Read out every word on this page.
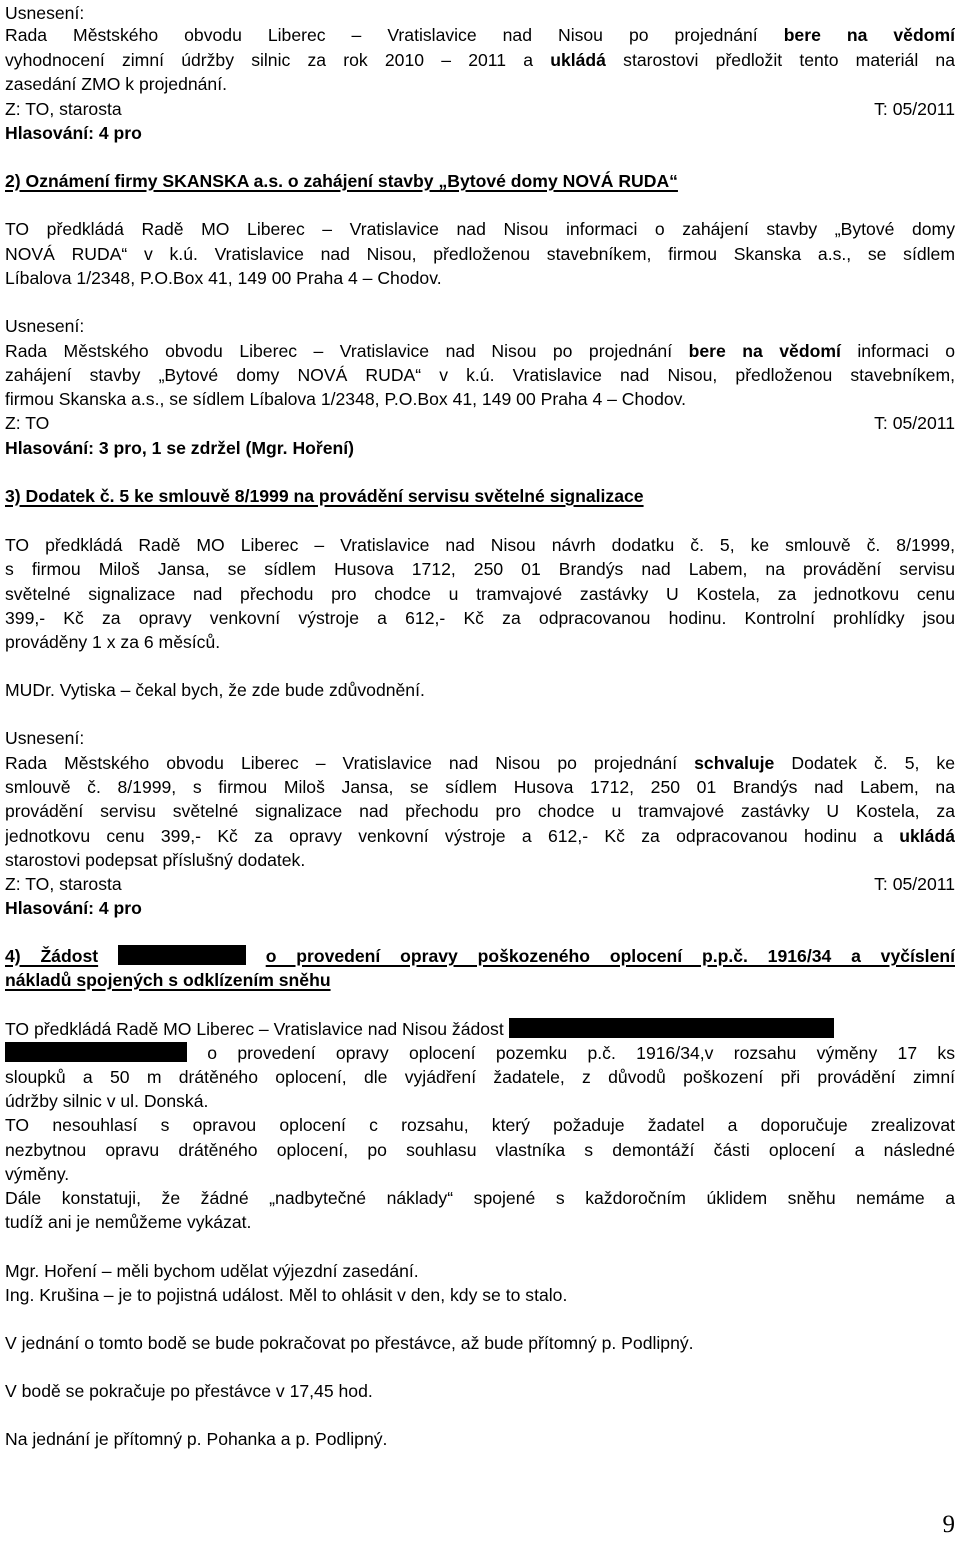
Usnesení:
Rada Městského obvodu Liberec – Vratislavice nad Nisou po projednání bere na vědomí
vyhodnocení zimní údržby silnic za rok 2010 – 2011 a ukládá starostovi předložit tento materiál na
zasedání ZMO k projednání.
Z: TO, starosta	T: 05/2011
Hlasování: 4 pro
2) Oznámení firmy SKANSKA a.s. o zahájení stavby „Bytové domy NOVÁ RUDA“
TO předkládá Radě MO Liberec – Vratislavice nad Nisou informaci o zahájení stavby „Bytové domy
NOVÁ RUDA“ v k.ú. Vratislavice nad Nisou, předloženou stavebníkem, firmou Skanska a.s., se sídlem
Líbalova 1/2348, P.O.Box 41, 149 00 Praha 4 – Chodov.
Usnesení:
Rada Městského obvodu Liberec – Vratislavice nad Nisou po projednání bere na vědomí informaci o
zahájení stavby „Bytové domy NOVÁ RUDA“ v k.ú. Vratislavice nad Nisou, předloženou stavebníkem,
firmou Skanska a.s., se sídlem Líbalova 1/2348, P.O.Box 41, 149 00 Praha 4 – Chodov.
Z: TO	T: 05/2011
Hlasování: 3 pro, 1 se zdržel (Mgr. Hoření)
3) Dodatek č. 5 ke smlouvě 8/1999 na provádění servisu světelné signalizace
TO předkládá Radě MO Liberec – Vratislavice nad Nisou návrh dodatku č. 5, ke smlouvě č. 8/1999,
s firmou Miloš Jansa, se sídlem Husova 1712, 250 01 Brandýs nad Labem, na provádění servisu
světelné signalizace nad přechodu pro chodce u tramvajové zastávky U Kostela, za jednotkovu cenu
399,- Kč za opravy venkovní výstroje a 612,- Kč za odpracovanou hodinu. Kontrolní prohlídky jsou
prováděny 1 x za 6 měsíců.
MUDr. Vytiska – čekal bych, že zde bude zdůvodnění.
Usnesení:
Rada Městského obvodu Liberec – Vratislavice nad Nisou po projednání schvaluje Dodatek č. 5, ke
smlouvě č. 8/1999, s firmou Miloš Jansa, se sídlem Husova 1712, 250 01 Brandýs nad Labem, na
provádění servisu světelné signalizace nad přechodu pro chodce u tramvajové zastávky U Kostela, za
jednotkovu cenu 399,- Kč za opravy venkovní výstroje a 612,- Kč za odpracovanou hodinu a ukládá
starostovi podepsat příslušný dodatek.
Z: TO, starosta	T: 05/2011
Hlasování: 4 pro
4) Žádost	o provedení opravy poškozeného oplocení p.p.č. 1916/34 a vyčíslení
nákladů spojených s odklízením sněhu
TO předkládá Radě MO Liberec – Vratislavice nad Nisou žádost
o provedení opravy oplocení pozemku p.č. 1916/34,v rozsahu výměny 17 ks
sloupků a 50 m drátěného oplocení, dle vyjádření žadatele, z důvodů poškození při provádění zimní
údržby silnic v ul. Donská.
TO nesouhlasí s opravou oplocení c rozsahu, který požaduje žadatel a doporučuje zrealizovat
nezbytnou opravu drátěného oplocení, po souhlasu vlastníka s demontáží části oplocení a následné
výměny.
Dále konstatuji, že žádné „nadbytečné náklady“ spojené s každoročním úklidem sněhu nemáme a
tudíž ani je nemůžeme vykázat.
Mgr. Hoření – měli bychom udělat výjezdní zasedání.
Ing. Krušina – je to pojistná událost. Měl to ohlásit v den, kdy se to stalo.
V jednání o tomto bodě se bude pokračovat po přestávce, až bude přítomný p. Podlipný.
V bodě se pokračuje po přestávce v 17,45 hod.
Na jednání je přítomný p. Pohanka a p. Podlipný.
9
